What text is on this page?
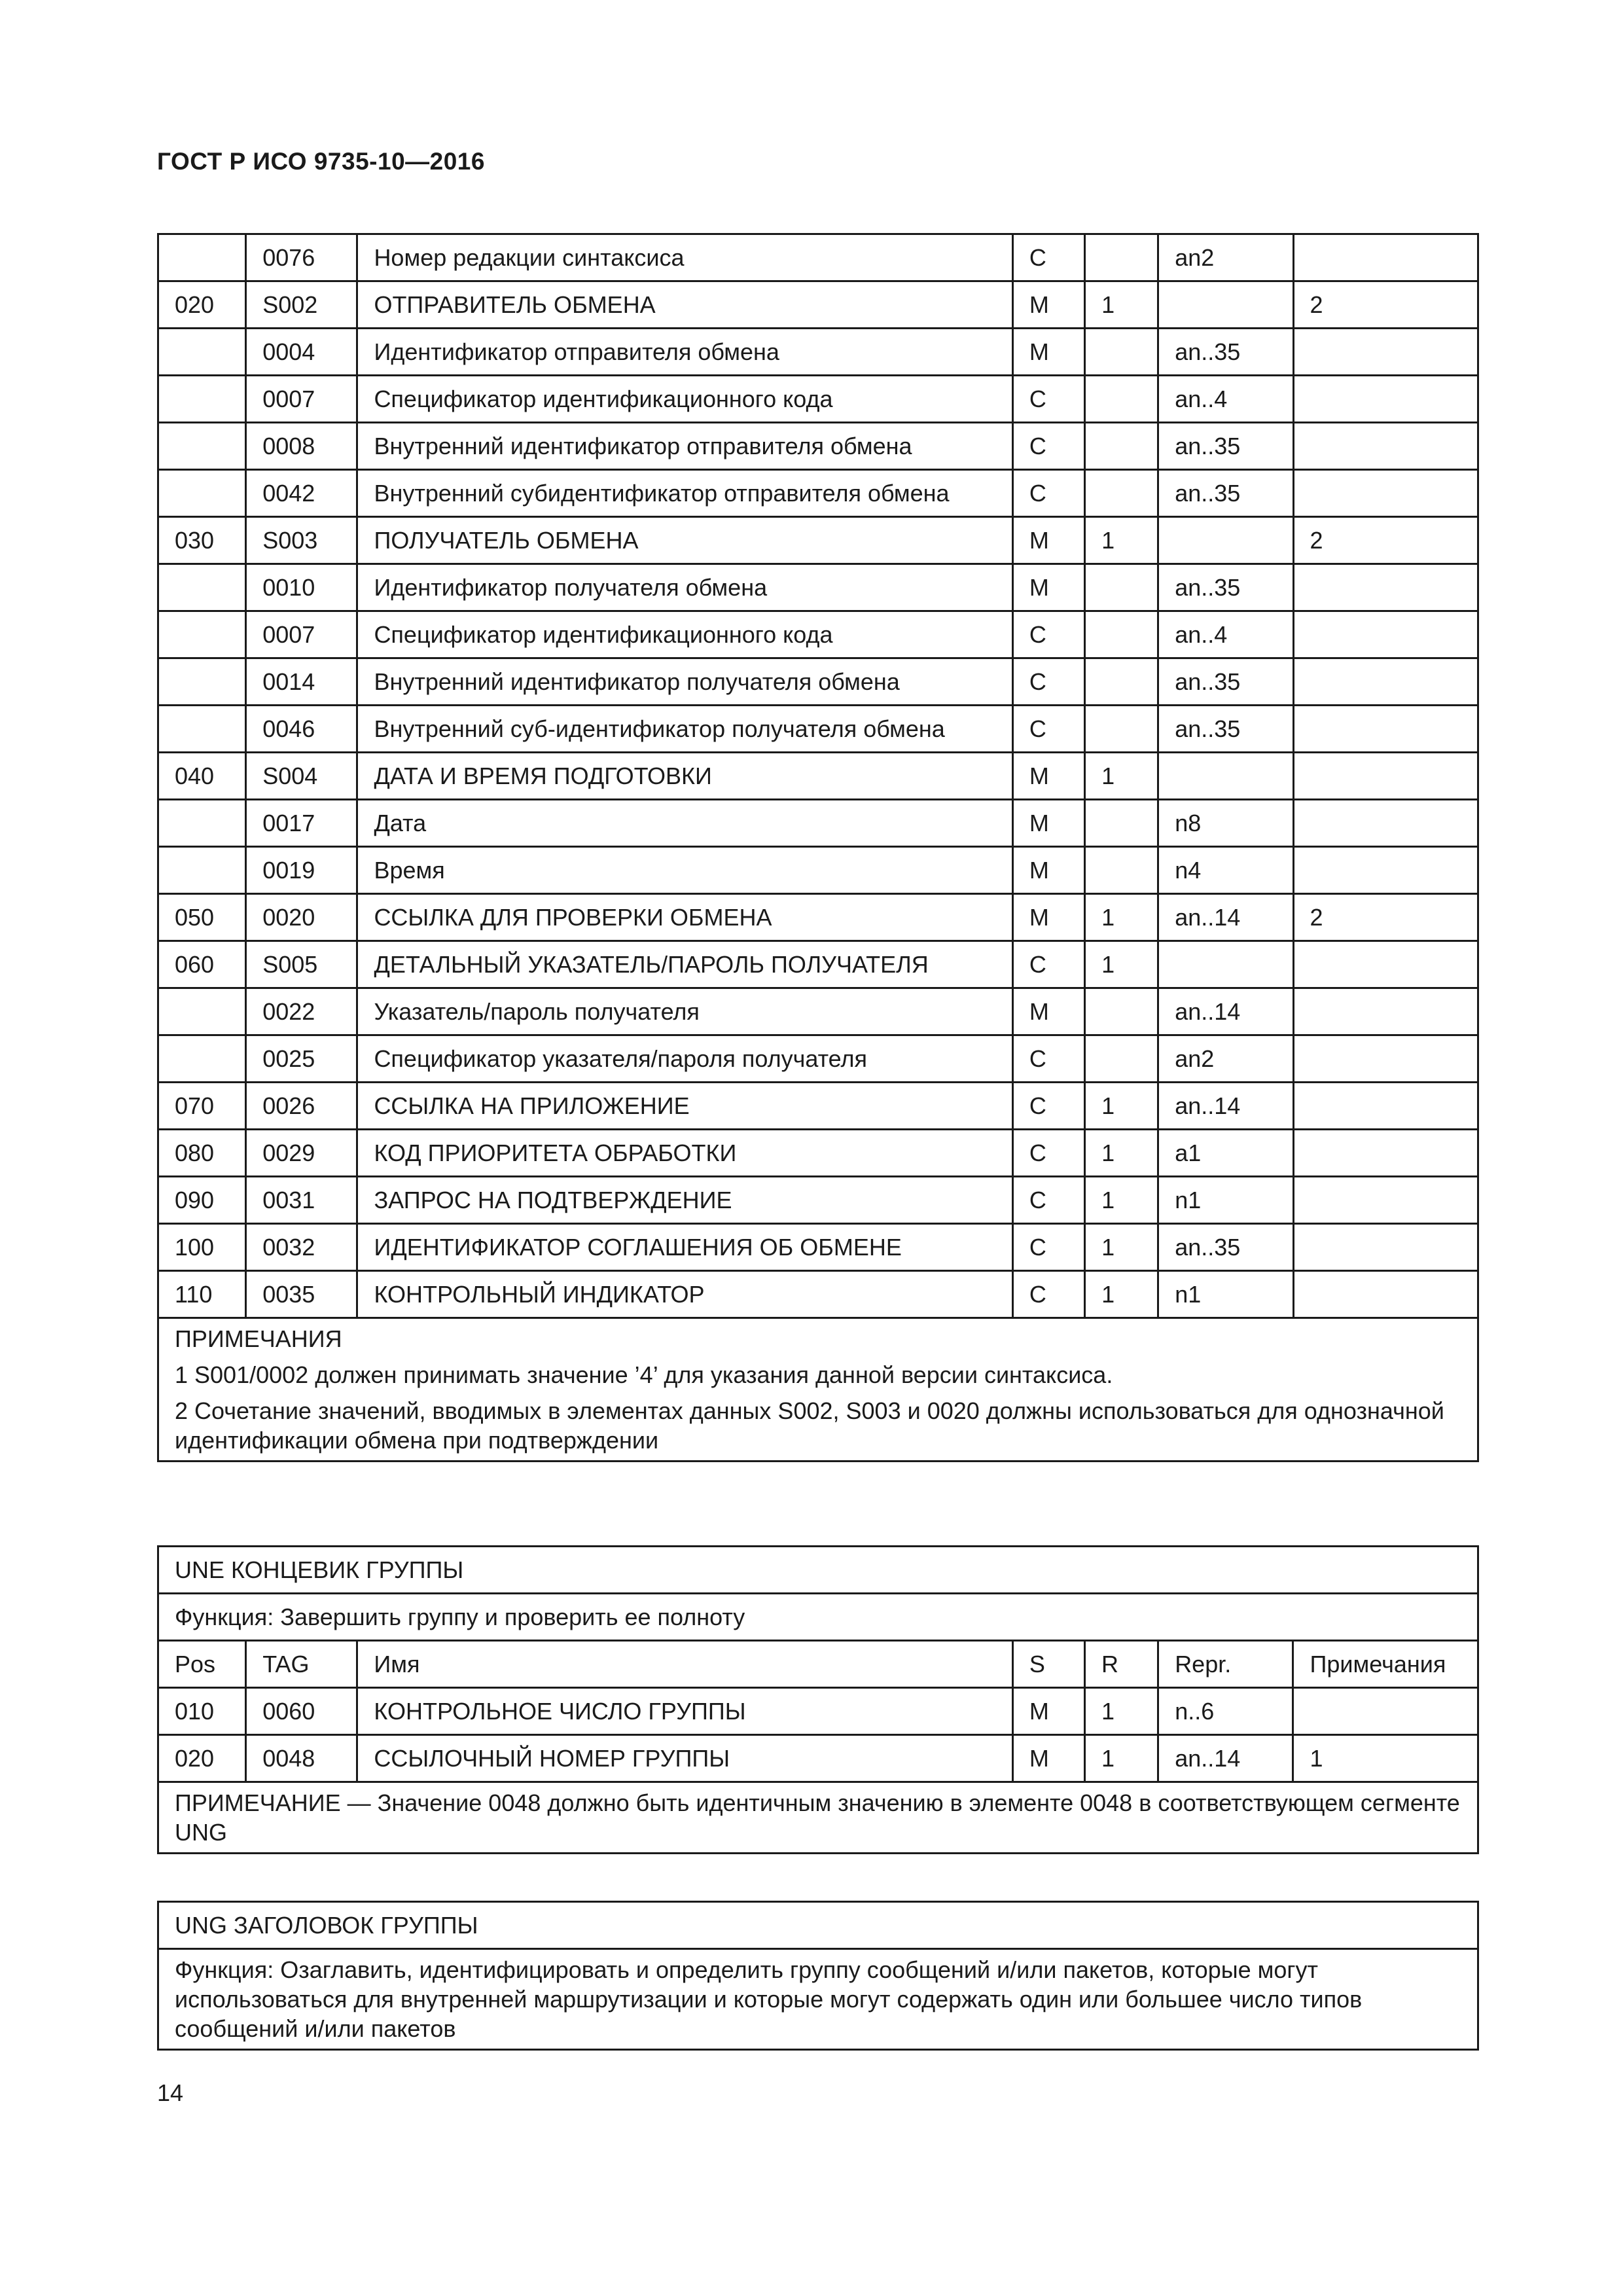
ГОСТ Р ИСО 9735-10—2016
	0076	Номер редакции синтаксиса	C		an2	
020	S002	ОТПРАВИТЕЛЬ ОБМЕНА	M	1		2
	0004	Идентификатор отправителя обмена	M		an..35	
	0007	Спецификатор идентификационного кода	C		an..4	
	0008	Внутренний идентификатор отправителя обмена	C		an..35	
	0042	Внутренний субидентификатор отправителя обмена	C		an..35	
030	S003	ПОЛУЧАТЕЛЬ ОБМЕНА	M	1		2
	0010	Идентификатор получателя обмена	M		an..35	
	0007	Спецификатор идентификационного кода	C		an..4	
	0014	Внутренний идентификатор получателя обмена	C		an..35	
	0046	Внутренний суб-идентификатор получателя обмена	C		an..35	
040	S004	ДАТА И ВРЕМЯ ПОДГОТОВКИ	M	1		
	0017	Дата	M		n8	
	0019	Время	M		n4	
050	0020	ССЫЛКА ДЛЯ ПРОВЕРКИ ОБМЕНА	M	1	an..14	2
060	S005	ДЕТАЛЬНЫЙ УКАЗАТЕЛЬ/ПАРОЛЬ ПОЛУЧАТЕЛЯ	C	1		
	0022	Указатель/пароль получателя	M		an..14	
	0025	Спецификатор указателя/пароля получателя	C		an2	
070	0026	ССЫЛКА НА ПРИЛОЖЕНИЕ	C	1	an..14	
080	0029	КОД ПРИОРИТЕТА ОБРАБОТКИ	C	1	a1	
090	0031	ЗАПРОС НА ПОДТВЕРЖДЕНИЕ	C	1	n1	
100	0032	ИДЕНТИФИКАТОР СОГЛАШЕНИЯ ОБ ОБМЕНЕ	C	1	an..35	
110	0035	КОНТРОЛЬНЫЙ ИНДИКАТОР	C	1	n1	

ПРИМЕЧАНИЯ

1 S001/0002 должен принимать значение ’4’ для указания данной версии синтаксиса.

2 Сочетание значений, вводимых в элементах данных S002, S003 и 0020 должны использоваться для однозначной идентификации обмена при подтверждении						

UNE КОНЦЕВИК ГРУППЫ						
Функция: Завершить группу и проверить ее полноту						
Pos	TAG	Имя	S	R	Repr.	Примечания
010	0060	КОНТРОЛЬНОЕ ЧИСЛО ГРУППЫ	M	1	n..6	
020	0048	ССЫЛОЧНЫЙ НОМЕР ГРУППЫ	M	1	an..14	1
ПРИМЕЧАНИЕ — Значение 0048 должно быть идентичным значению в элементе 0048 в соответствующем сегменте UNG						
UNG ЗАГОЛОВОК ГРУППЫ
Функция: Озаглавить, идентифицировать и определить группу сообщений и/или пакетов, которые могут использоваться для внутренней маршрутизации и которые могут содержать один или большее число типов сообщений и/или пакетов
14
